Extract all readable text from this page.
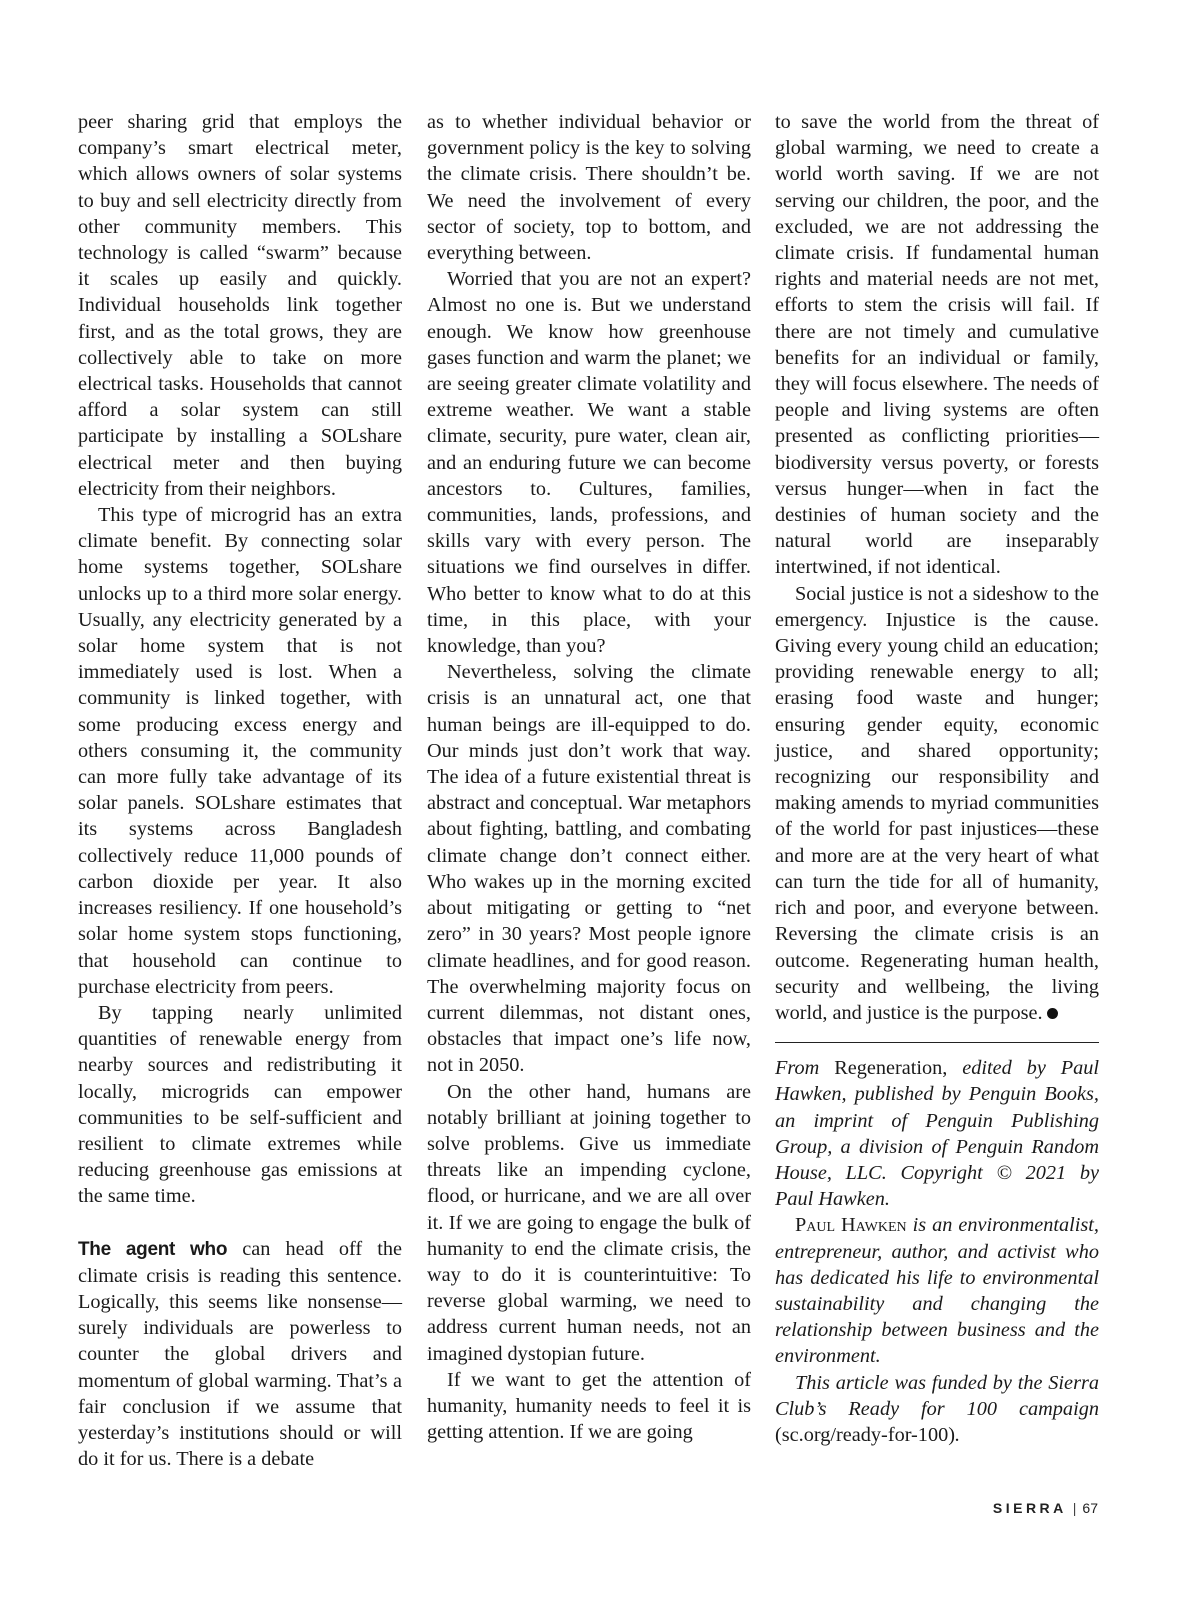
peer sharing grid that employs the company’s smart electrical meter, which allows owners of solar systems to buy and sell electricity directly from other community members. This technology is called “swarm” because it scales up easily and quickly. Individual households link together first, and as the total grows, they are collectively able to take on more electrical tasks. Households that cannot afford a solar system can still participate by installing a SOLshare electrical meter and then buying electricity from their neighbors.

This type of microgrid has an extra climate benefit. By connecting solar home systems together, SOLshare unlocks up to a third more solar energy. Usually, any electricity generated by a solar home system that is not immediately used is lost. When a community is linked together, with some producing excess energy and others consuming it, the community can more fully take advantage of its solar panels. SOLshare estimates that its systems across Bangladesh collectively reduce 11,000 pounds of carbon dioxide per year. It also increases resiliency. If one household’s solar home system stops functioning, that household can continue to purchase electricity from peers.

By tapping nearly unlimited quantities of renewable energy from nearby sources and redistributing it locally, microgrids can empower communities to be self-sufficient and resilient to climate extremes while reducing greenhouse gas emissions at the same time.

The agent who can head off the climate crisis is reading this sentence. Logically, this seems like nonsense—surely individuals are powerless to counter the global drivers and momentum of global warming. That’s a fair conclusion if we assume that yesterday’s institutions should or will do it for us. There is a debate

as to whether individual behavior or government policy is the key to solving the climate crisis. There shouldn’t be. We need the involvement of every sector of society, top to bottom, and everything between.

Worried that you are not an expert? Almost no one is. But we understand enough. We know how greenhouse gases function and warm the planet; we are seeing greater climate volatility and extreme weather. We want a stable climate, security, pure water, clean air, and an enduring future we can become ancestors to. Cultures, families, communities, lands, professions, and skills vary with every person. The situations we find ourselves in differ. Who better to know what to do at this time, in this place, with your knowledge, than you?

Nevertheless, solving the climate crisis is an unnatural act, one that human beings are ill-equipped to do. Our minds just don’t work that way. The idea of a future existential threat is abstract and conceptual. War metaphors about fighting, battling, and combating climate change don’t connect either. Who wakes up in the morning excited about mitigating or getting to “net zero” in 30 years? Most people ignore climate headlines, and for good reason. The overwhelming majority focus on current dilemmas, not distant ones, obstacles that impact one’s life now, not in 2050.

On the other hand, humans are notably brilliant at joining together to solve problems. Give us immediate threats like an impending cyclone, flood, or hurricane, and we are all over it. If we are going to engage the bulk of humanity to end the climate crisis, the way to do it is counterintuitive: To reverse global warming, we need to address current human needs, not an imagined dystopian future.

If we want to get the attention of humanity, humanity needs to feel it is getting attention. If we are going

to save the world from the threat of global warming, we need to create a world worth saving. If we are not serving our children, the poor, and the excluded, we are not addressing the climate crisis. If fundamental human rights and material needs are not met, efforts to stem the crisis will fail. If there are not timely and cumulative benefits for an individual or family, they will focus elsewhere. The needs of people and living systems are often presented as conflicting priorities—biodiversity versus poverty, or forests versus hunger—when in fact the destinies of human society and the natural world are inseparably intertwined, if not identical.

Social justice is not a sideshow to the emergency. Injustice is the cause. Giving every young child an education; providing renewable energy to all; erasing food waste and hunger; ensuring gender equity, economic justice, and shared opportunity; recognizing our responsibility and making amends to myriad communities of the world for past injustices—these and more are at the very heart of what can turn the tide for all of humanity, rich and poor, and everyone between. Reversing the climate crisis is an outcome. Regenerating human health, security and wellbeing, the living world, and justice is the purpose.

From Regeneration, edited by Paul Hawken, published by Penguin Books, an imprint of Penguin Publishing Group, a division of Penguin Random House, LLC. Copyright © 2021 by Paul Hawken.

Paul Hawken is an environmentalist, entrepreneur, author, and activist who has dedicated his life to environmental sustainability and changing the relationship between business and the environment.

This article was funded by the Sierra Club’s Ready for 100 campaign (sc.org/ready-for-100).

SIERRA | 67
